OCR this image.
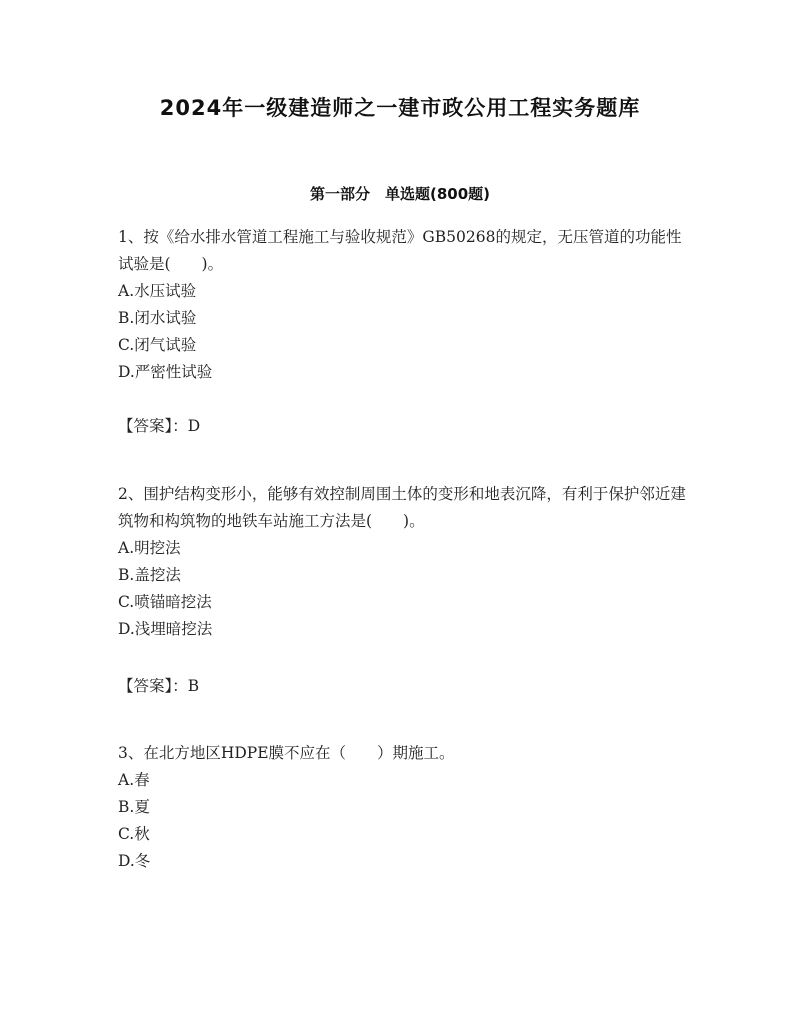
2024年一级建造师之一建市政公用工程实务题库
第一部分　单选题(800题)

1、按《给水排水管道工程施工与验收规范》GB50268的规定，无压管道的功能性试验是(　　)。

A.水压试验

B.闭水试验

C.闭气试验

D.严密性试验

【答案】：D

2、围护结构变形小，能够有效控制周围土体的变形和地表沉降，有利于保护邻近建筑物和构筑物的地铁车站施工方法是(　　)。

A.明挖法

B.盖挖法

C.喷锚暗挖法

D.浅埋暗挖法

【答案】：B

3、在北方地区HDPE膜不应在（　　）期施工。

A.春

B.夏

C.秋

D.冬
